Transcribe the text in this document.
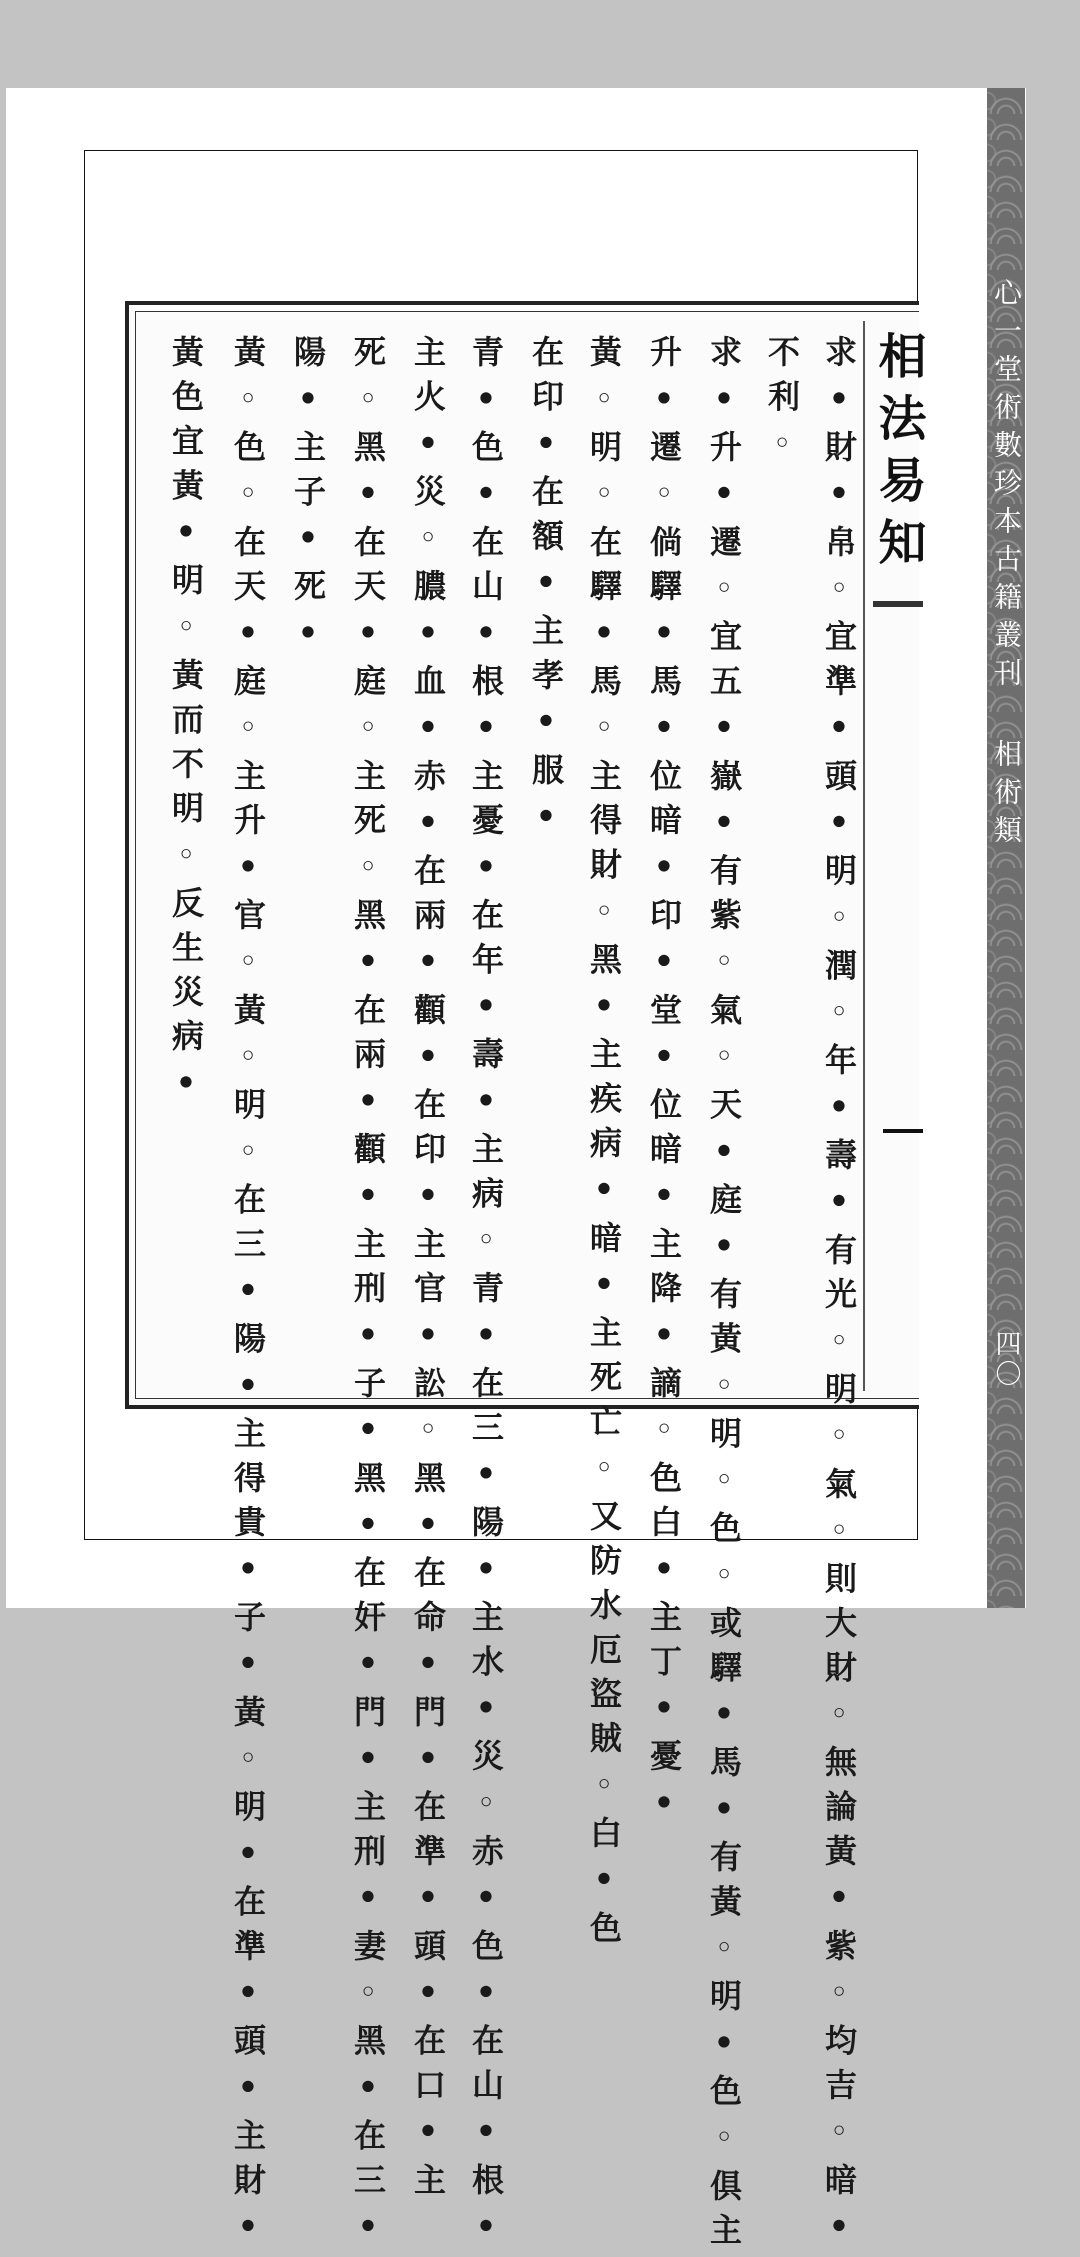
相法易知
求•財•帛◦宜準•頭•明◦潤◦年•壽•有光◦明◦氣◦則大財◦無論黃•紫◦均吉◦暗•
不利◦
求•升•遷◦宜五•嶽•有紫◦氣◦天•庭•有黃◦明◦色◦或驛•馬•有黃◦明•色◦俱主
升•遷◦倘驛•馬•位暗•印•堂•位暗•主降•謫◦色白•主丁•憂•
黃◦明◦在驛•馬◦主得財◦黑•主疾病•暗•主死亡◦又防水厄盜賊◦白•色
在印•在額•主孝•服•
青•色•在山•根•主憂•在年•壽•主病◦青•在三•陽•主水•災◦赤•色•在山•根•
主火•災◦膿•血•赤•在兩•顴•在印•主官•訟◦黑•在命•門•在準•頭•在口•主
死◦黑•在天•庭◦主死◦黑•在兩•顴•主刑•子•黑•在奸•門•主刑•妻◦黑•在三•
陽•主子•死•
黃◦色◦在天•庭◦主升•官◦黃◦明◦在三•陽•主得貴•子•黃◦明•在準•頭•主財•
黃色宜黃•明◦黃而不明◦反生災病•	心一堂術數珍本古籍叢刊 相術類
四〇
